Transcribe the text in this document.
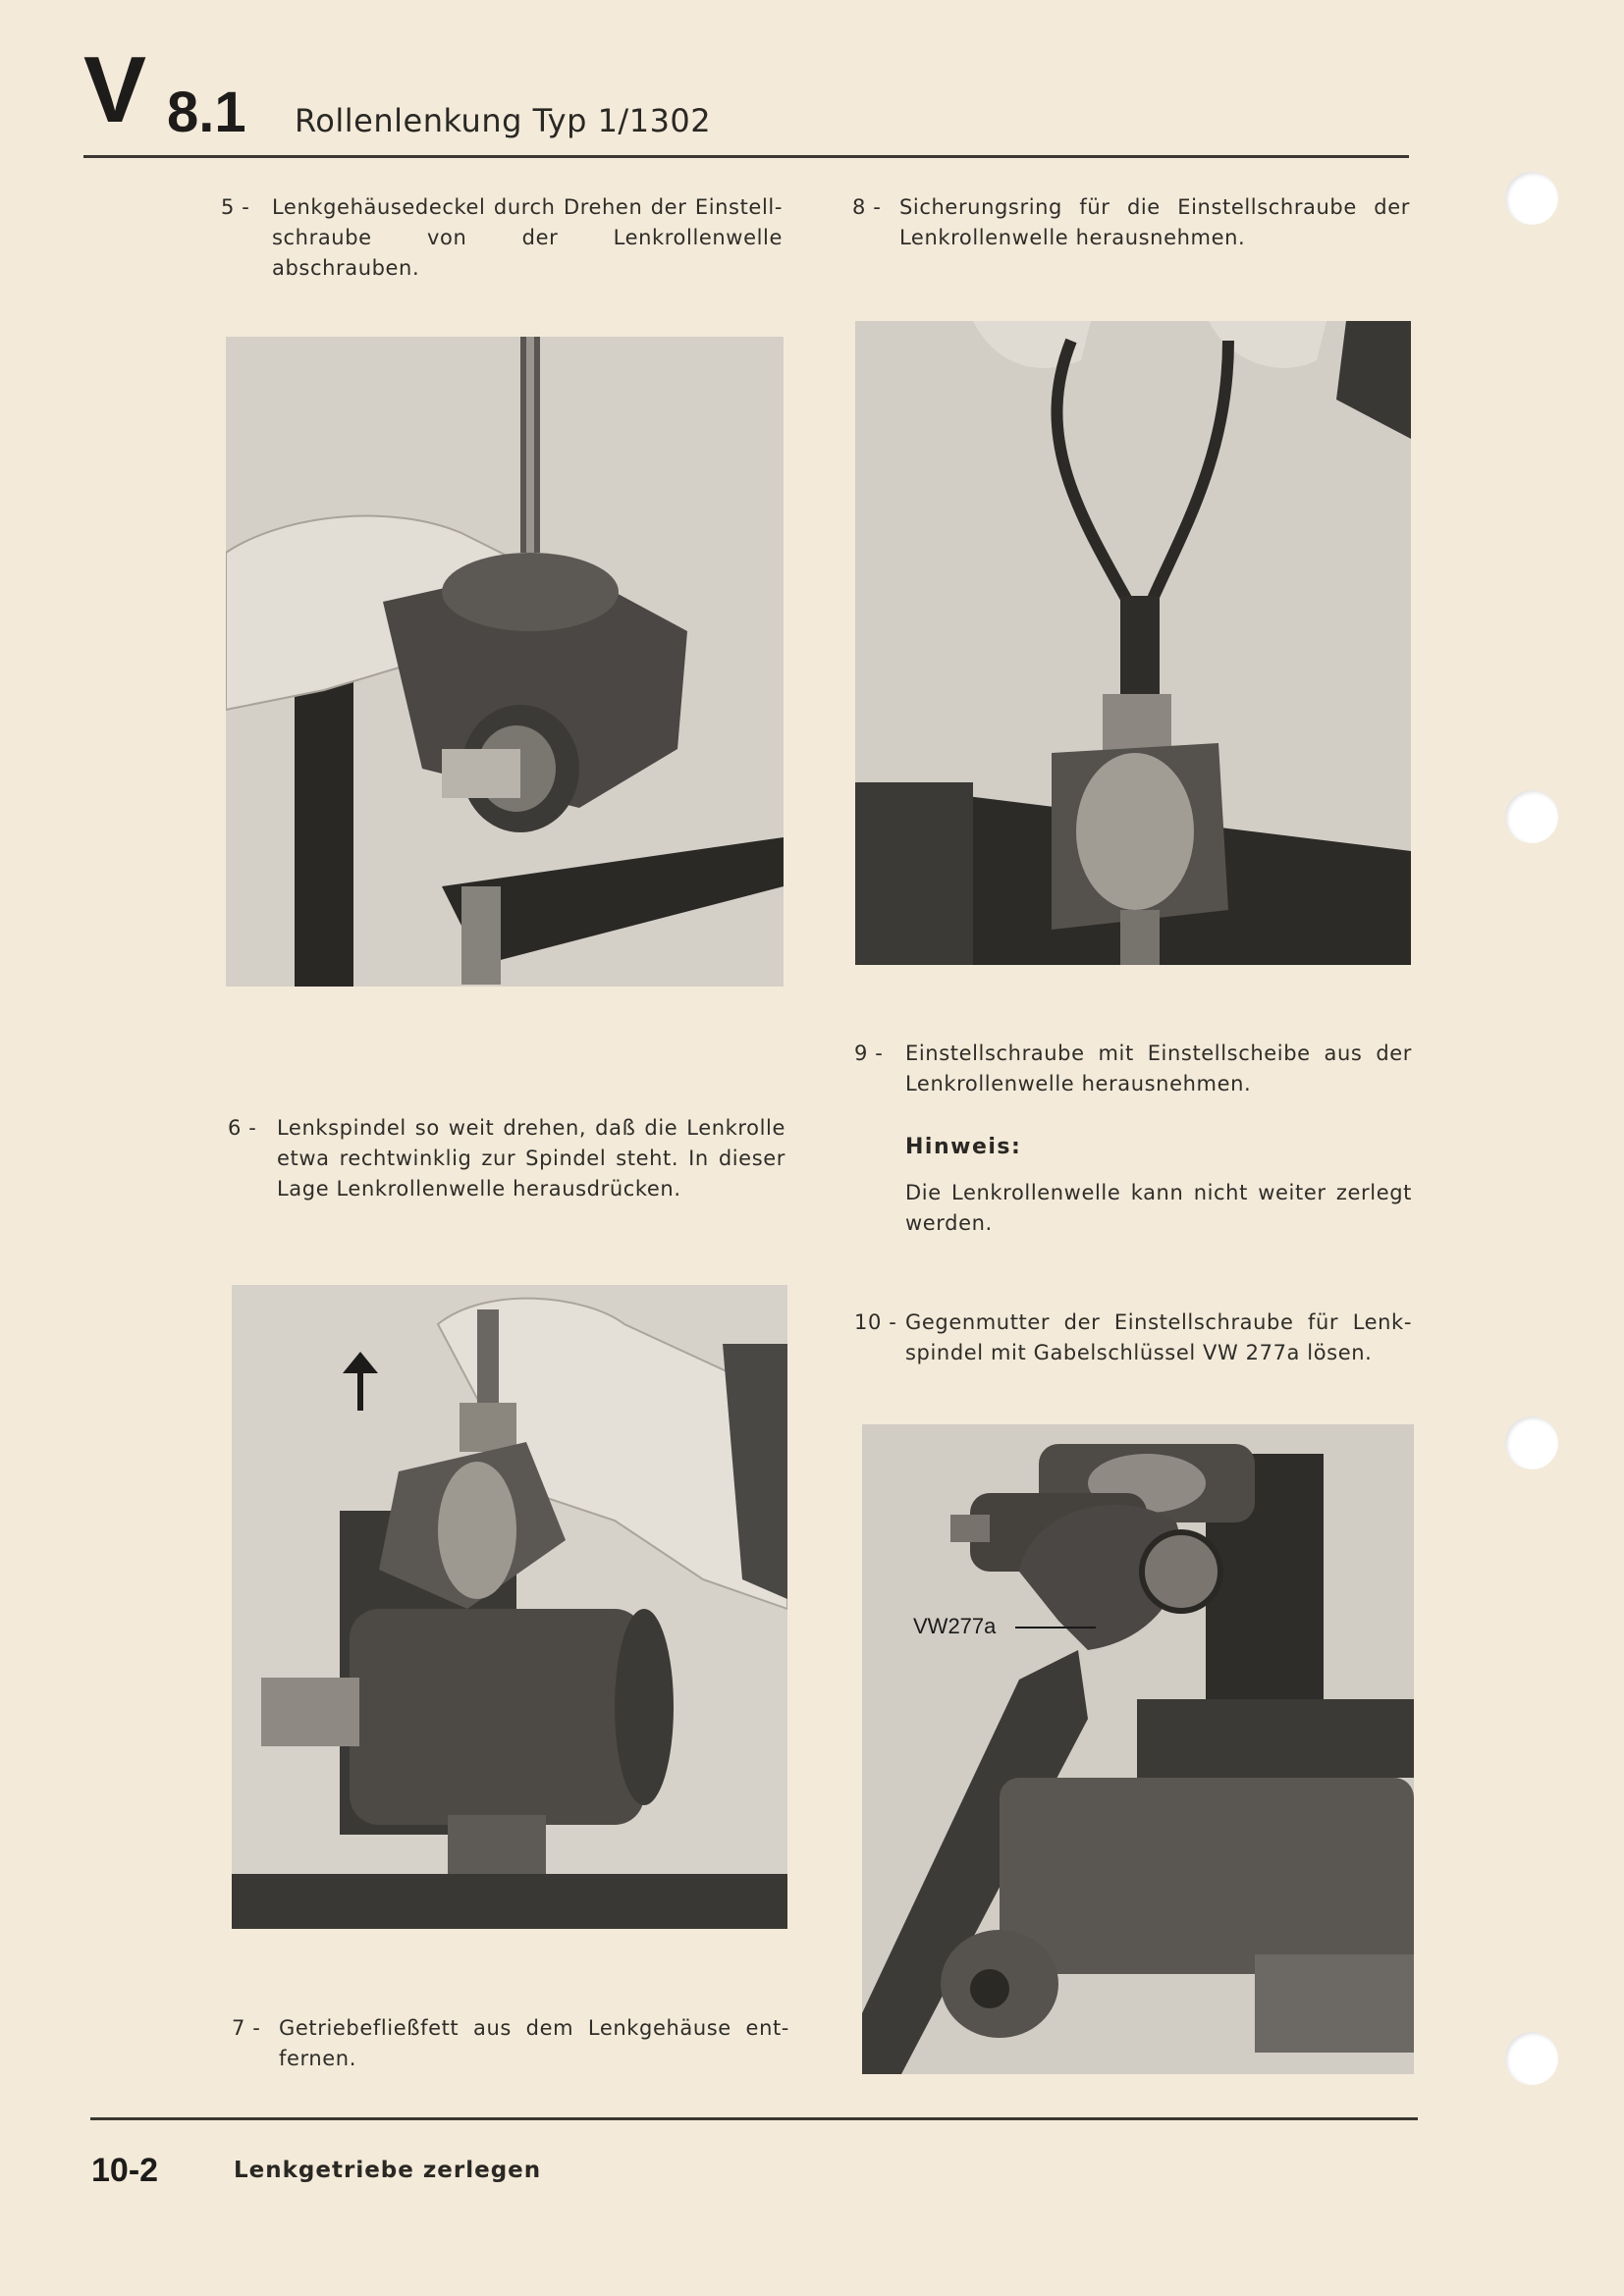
V 8.1 Rollenlenkung Typ 1/1302
5 - Lenkgehäusedeckel durch Drehen der Einstell-schraube von der Lenkrollenwelle abschrauben.
8 - Sicherungsring für die Einstellschraube der Lenkrollenwelle herausnehmen.
9 - Einstellschraube mit Einstellscheibe aus der Lenkrollenwelle herausnehmen.
Hinweis:
Die Lenkrollenwelle kann nicht weiter zerlegt werden.
6 - Lenkspindel so weit drehen, daß die Lenkrolle etwa rechtwinklig zur Spindel steht. In dieser Lage Lenkrollenwelle herausdrücken.
10 - Gegenmutter der Einstellschraube für Lenk-spindel mit Gabelschlüssel VW 277a lösen.
VW277a
7 - Getriebefließfett aus dem Lenkgehäuse ent-fernen.
10-2	Lenkgetriebe zerlegen
